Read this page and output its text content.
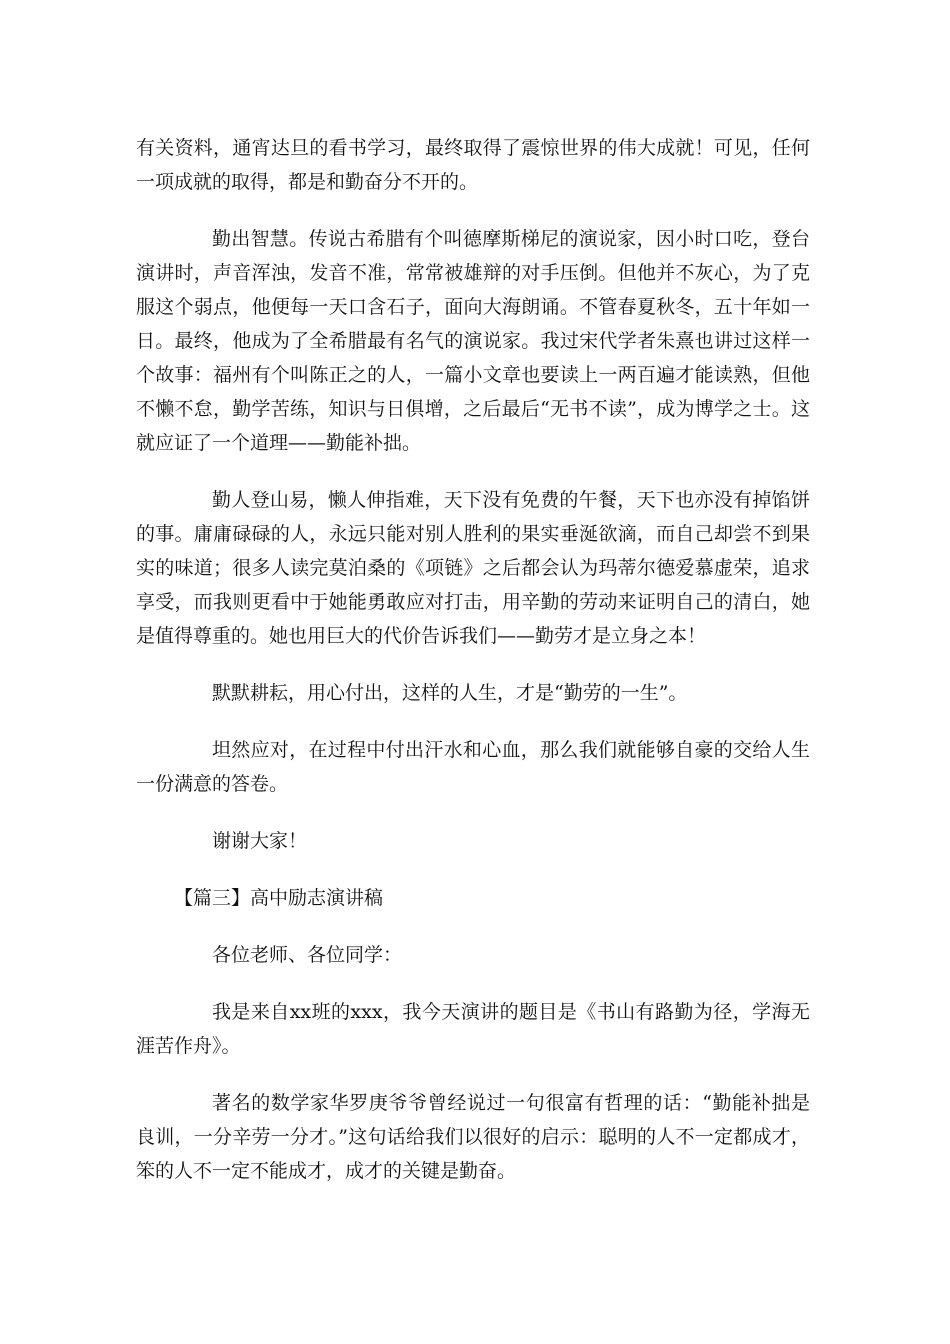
有关资料，通宵达旦的看书学习，最终取得了震惊世界的伟大成就！可见，任何一项成就的取得，都是和勤奋分不开的。

勤出智慧。传说古希腊有个叫德摩斯梯尼的演说家，因小时口吃，登台演讲时，声音浑浊，发音不准，常常被雄辩的对手压倒。但他并不灰心，为了克服这个弱点，他便每一天口含石子，面向大海朗诵。不管春夏秋冬，五十年如一日。最终，他成为了全希腊最有名气的演说家。我过宋代学者朱熹也讲过这样一个故事：福州有个叫陈正之的人，一篇小文章也要读上一两百遍才能读熟，但他不懒不怠，勤学苦练，知识与日俱增，之后最后“无书不读”，成为博学之士。这就应证了一个道理——勤能补拙。

勤人登山易，懒人伸指难，天下没有免费的午餐，天下也亦没有掉馅饼的事。庸庸碌碌的人，永远只能对别人胜利的果实垂涎欲滴，而自己却尝不到果实的味道；很多人读完莫泊桑的《项链》之后都会认为玛蒂尔德爱慕虚荣，追求享受，而我则更看中于她能勇敢应对打击，用辛勤的劳动来证明自己的清白，她是值得尊重的。她也用巨大的代价告诉我们——勤劳才是立身之本！

默默耕耘，用心付出，这样的人生，才是“勤劳的一生”。

坦然应对，在过程中付出汗水和心血，那么我们就能够自豪的交给人生一份满意的答卷。

谢谢大家！

【篇三】高中励志演讲稿

各位老师、各位同学：

我是来自xx班的xxx，我今天演讲的题目是《书山有路勤为径，学海无涯苦作舟》。

著名的数学家华罗庚爷爷曾经说过一句很富有哲理的话：“勤能补拙是良训，一分辛劳一分才。”这句话给我们以很好的启示：聪明的人不一定都成才，笨的人不一定不能成才，成才的关键是勤奋。
